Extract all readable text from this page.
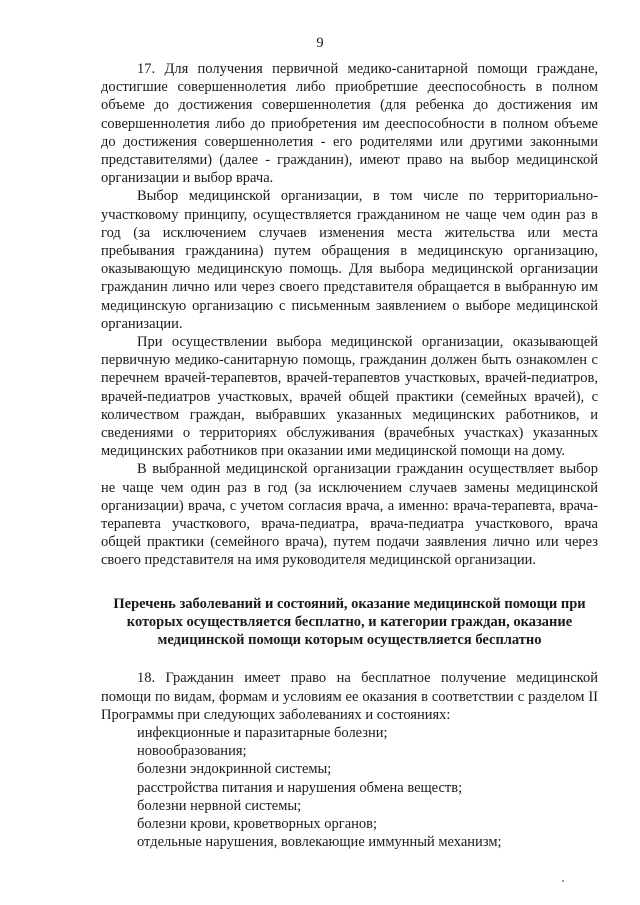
9

17. Для получения первичной медико-санитарной помощи граждане, достигшие совершеннолетия либо приобретшие дееспособность в полном объеме до достижения совершеннолетия (для ребенка до достижения им совершеннолетия либо до приобретения им дееспособности в полном объеме до достижения совершеннолетия - его родителями или другими законными представителями) (далее - гражданин), имеют право на выбор медицинской организации и выбор врача.

Выбор медицинской организации, в том числе по территориально-участковому принципу, осуществляется гражданином не чаще чем один раз в год (за исключением случаев изменения места жительства или места пребывания гражданина) путем обращения в медицинскую организацию, оказывающую медицинскую помощь. Для выбора медицинской организации гражданин лично или через своего представителя обращается в выбранную им медицинскую организацию с письменным заявлением о выборе медицинской организации.

При осуществлении выбора медицинской организации, оказывающей первичную медико-санитарную помощь, гражданин должен быть ознакомлен с перечнем врачей-терапевтов, врачей-терапевтов участковых, врачей-педиатров, врачей-педиатров участковых, врачей общей практики (семейных врачей), с количеством граждан, выбравших указанных медицинских работников, и сведениями о территориях обслуживания (врачебных участках) указанных медицинских работников при оказании ими медицинской помощи на дому.

В выбранной медицинской организации гражданин осуществляет выбор не чаще чем один раз в год (за исключением случаев замены медицинской организации) врача, с учетом согласия врача, а именно: врача-терапевта, врача-терапевта участкового, врача-педиатра, врача-педиатра участкового, врача общей практики (семейного врача), путем подачи заявления лично или через своего представителя на имя руководителя медицинской организации.

Перечень заболеваний и состояний, оказание медицинской помощи при которых осуществляется бесплатно, и категории граждан, оказание медицинской помощи которым осуществляется бесплатно

18. Гражданин имеет право на бесплатное получение медицинской помощи по видам, формам и условиям ее оказания в соответствии с разделом II Программы при следующих заболеваниях и состояниях:

инфекционные и паразитарные болезни;
новообразования;
болезни эндокринной системы;
расстройства питания и нарушения обмена веществ;
болезни нервной системы;
болезни крови, кроветворных органов;
отдельные нарушения, вовлекающие иммунный механизм;
